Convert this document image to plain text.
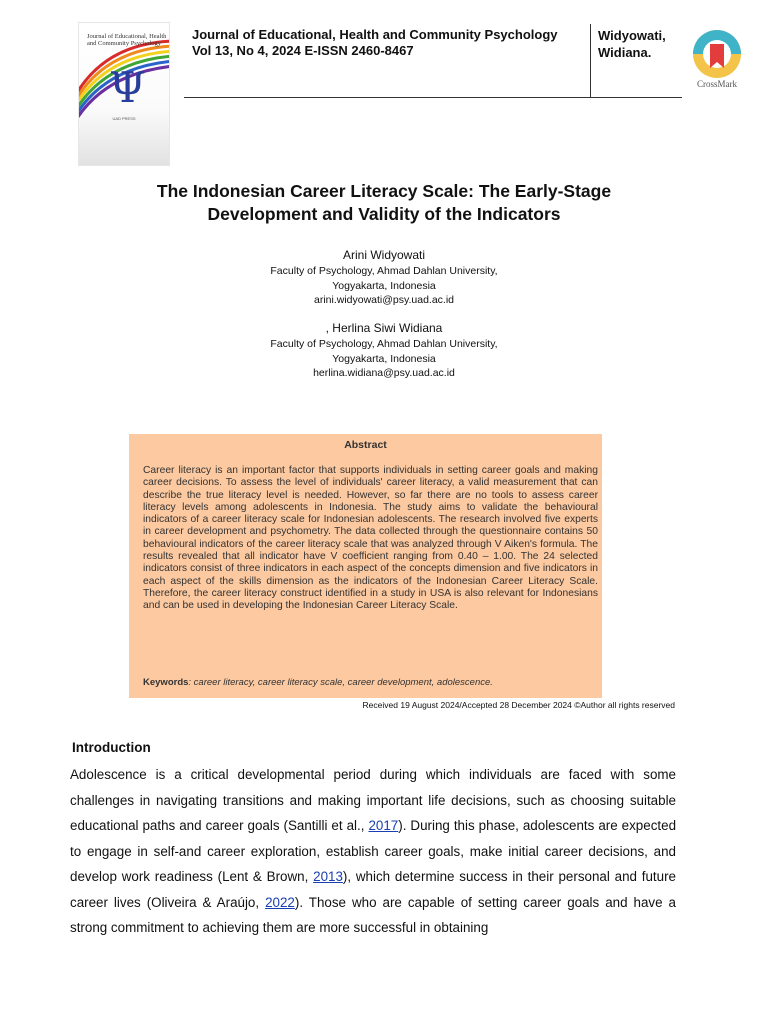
Journal of Educational, Health and Community Psychology
Ψ
UAD PRESS
Journal of Educational, Health and Community Psychology
Vol 13, No 4, 2024 E-ISSN 2460-8467
Widyowati,
Widiana.
CrossMark
The Indonesian Career Literacy Scale: The Early-Stage
Development and Validity of the Indicators
Arini Widyowati
Faculty of Psychology, Ahmad Dahlan University,
Yogyakarta, Indonesia
arini.widyowati@psy.uad.ac.id
, Herlina Siwi Widiana
Faculty of Psychology, Ahmad Dahlan University,
Yogyakarta, Indonesia
herlina.widiana@psy.uad.ac.id
Abstract
Career literacy is an important factor that supports individuals in setting career goals and making career decisions. To assess the level of individuals' career literacy, a valid measurement that can describe the true literacy level is needed. However, so far there are no tools to assess career literacy levels among adolescents in Indonesia. The study aims to validate the behavioural indicators of a career literacy scale for Indonesian adolescents. The research involved five experts in career development and psychometry. The data collected through the questionnaire contains 50 behavioural indicators of the career literacy scale that was analyzed through V Aiken's formula. The results revealed that all indicator have V coefficient ranging from 0.40 – 1.00. The 24 selected indicators consist of three indicators in each aspect of the concepts dimension and five indicators in each aspect of the skills dimension as the indicators of the Indonesian Career Literacy Scale. Therefore, the career literacy construct identified in a study in USA is also relevant for Indonesians and can be used in developing the Indonesian Career Literacy Scale.
Keywords: career literacy, career literacy scale, career development, adolescence.
Received 19 August 2024/Accepted 28 December 2024 ©Author all rights reserved
Introduction
Adolescence is a critical developmental period during which individuals are faced with some challenges in navigating transitions and making important life decisions, such as choosing suitable educational paths and career goals (Santilli et al., 2017). During this phase, adolescents are expected to engage in self-and career exploration, establish career goals, make initial career decisions, and develop work readiness (Lent & Brown, 2013), which determine success in their personal and future career lives (Oliveira & Araújo, 2022). Those who are capable of setting career goals and have a strong commitment to achieving them are more successful in obtaining
